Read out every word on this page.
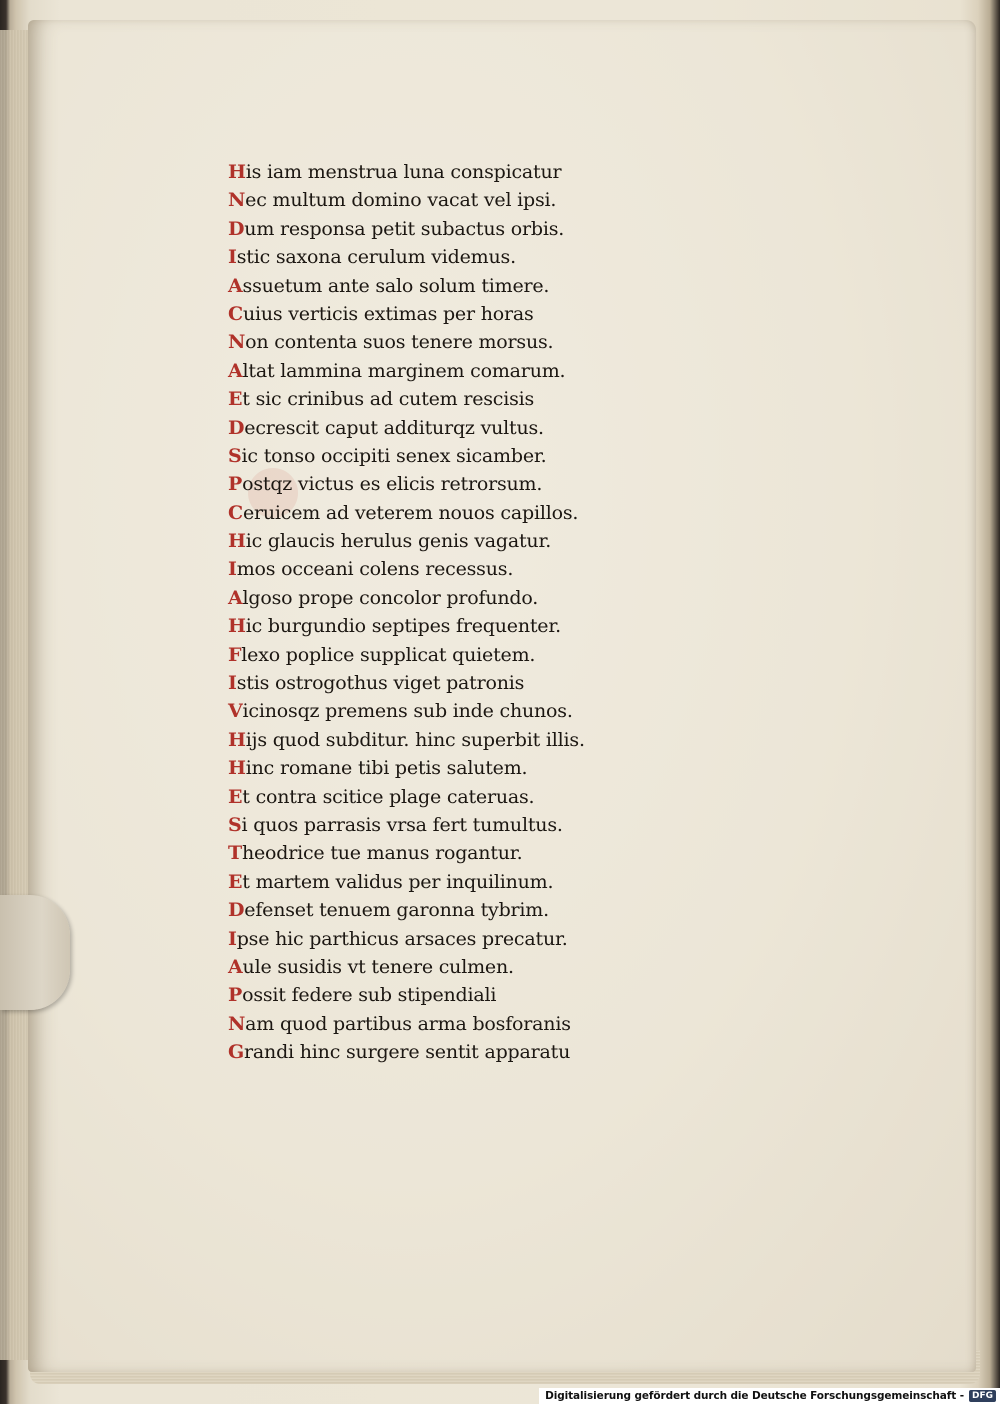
His iam menstrua luna conspicatur
Nec multum domino vacat vel ipsi.
Dum responsa petit subactus orbis.
Istic saxona cerulum videmus.
Assuetum ante salo solum timere.
Cuius verticis extimas per horas
Non contenta suos tenere morsus.
Altat lammina marginem comarum.
Et sic crinibus ad cutem rescisis
Decrescit caput additurqz vultus.
Sic tonso occipiti senex sicamber.
Postqz victus es elicis retrorsum.
Ceruicem ad veterem nouos capillos.
Hic glaucis herulus genis vagatur.
Imos occeani colens recessus.
Algoso prope concolor profundo.
Hic burgundio septipes frequenter.
Flexo poplice supplicat quietem.
Istis ostrogothus viget patronis
Vicinosqz premens sub inde chunos.
Hijs quod subditur. hinc superbit illis.
Hinc romane tibi petis salutem.
Et contra scitice plage cateruas.
Si quos parrasis vrsa fert tumultus.
Theodrice tue manus rogantur.
Et martem validus per inquilinum.
Defenset tenuem garonna tybrim.
Ipse hic parthicus arsaces precatur.
Aule susidis vt tenere culmen.
Possit federe sub stipendiali
Nam quod partibus arma bosforanis
Grandi hinc surgere sentit apparatu
Digitalisierung gefördert durch die Deutsche Forschungsgemeinschaft - DFG
